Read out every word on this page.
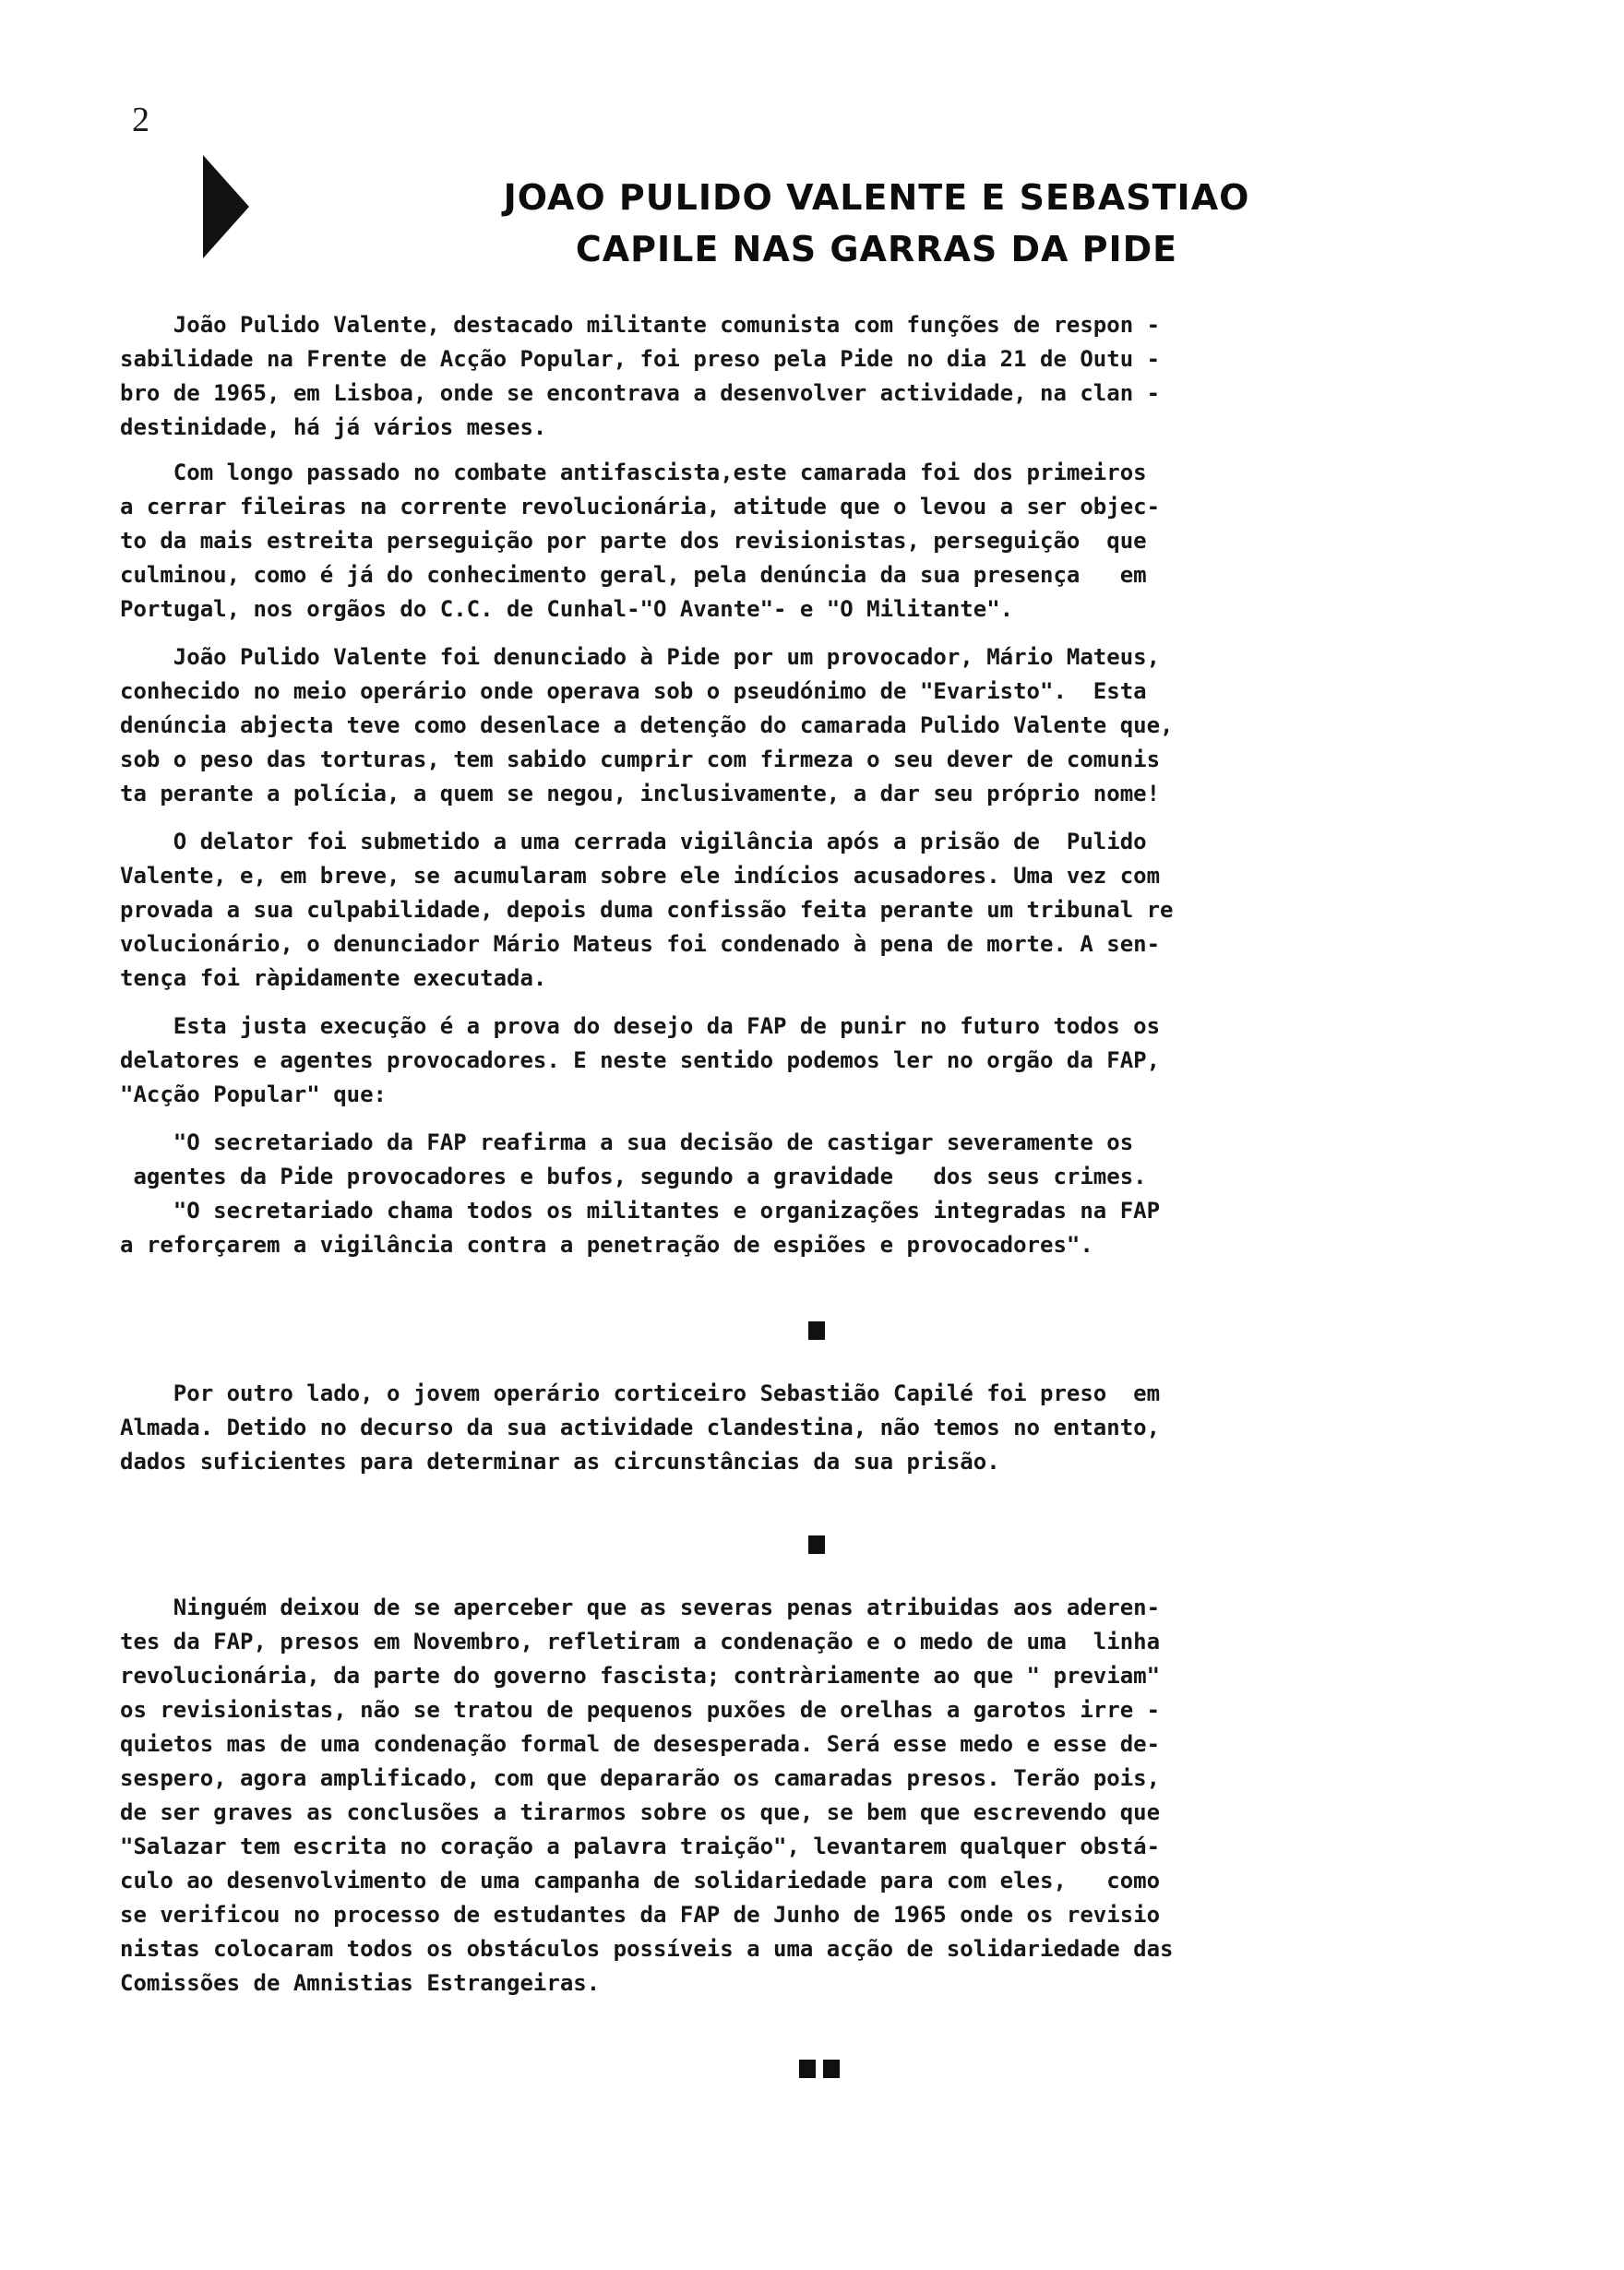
2
JOAO PULIDO VALENTE E SEBASTIAO
CAPILE NAS GARRAS DA PIDE
João Pulido Valente, destacado militante comunista com funções de respon -
sabilidade na Frente de Acção Popular, foi preso pela Pide no dia 21 de Outu -
bro de 1965, em Lisboa, onde se encontrava a desenvolver actividade, na clan -
destinidade, há já vários meses.
Com longo passado no combate antifascista,este camarada foi dos primeiros
a cerrar fileiras na corrente revolucionária, atitude que o levou a ser objec-
to da mais estreita perseguição por parte dos revisionistas, perseguição  que
culminou, como é já do conhecimento geral, pela denúncia da sua presença   em
Portugal, nos orgãos do C.C. de Cunhal-"O Avante"- e "O Militante".
João Pulido Valente foi denunciado à Pide por um provocador, Mário Mateus,
conhecido no meio operário onde operava sob o pseudónimo de "Evaristo".  Esta
denúncia abjecta teve como desenlace a detenção do camarada Pulido Valente que,
sob o peso das torturas, tem sabido cumprir com firmeza o seu dever de comunis
ta perante a polícia, a quem se negou, inclusivamente, a dar seu próprio nome!
O delator foi submetido a uma cerrada vigilância após a prisão de  Pulido
Valente, e, em breve, se acumularam sobre ele indícios acusadores. Uma vez com
provada a sua culpabilidade, depois duma confissão feita perante um tribunal re
volucionário, o denunciador Mário Mateus foi condenado à pena de morte. A sen-
tença foi ràpidamente executada.
Esta justa execução é a prova do desejo da FAP de punir no futuro todos os
delatores e agentes provocadores. E neste sentido podemos ler no orgão da FAP,
"Acção Popular" que:
"O secretariado da FAP reafirma a sua decisão de castigar severamente os
agentes da Pide provocadores e bufos, segundo a gravidade   dos seus crimes.
"O secretariado chama todos os militantes e organizações integradas na FAP
a reforçarem a vigilância contra a penetração de espiões e provocadores".
Por outro lado, o jovem operário corticeiro Sebastião Capilé foi preso  em
Almada. Detido no decurso da sua actividade clandestina, não temos no entanto,
dados suficientes para determinar as circunstâncias da sua prisão.
Ninguém deixou de se aperceber que as severas penas atribuidas aos aderen-
tes da FAP, presos em Novembro, refletiram a condenação e o medo de uma  linha
revolucionária, da parte do governo fascista; contràriamente ao que " previam"
os revisionistas, não se tratou de pequenos puxões de orelhas a garotos irre -
quietos mas de uma condenação formal de desesperada. Será esse medo e esse de-
sespero, agora amplificado, com que depararão os camaradas presos. Terão pois,
de ser graves as conclusões a tirarmos sobre os que, se bem que escrevendo que
"Salazar tem escrita no coração a palavra traição", levantarem qualquer obstá-
culo ao desenvolvimento de uma campanha de solidariedade para com eles,   como
se verificou no processo de estudantes da FAP de Junho de 1965 onde os revisio
nistas colocaram todos os obstáculos possíveis a uma acção de solidariedade das
Comissões de Amnistias Estrangeiras.
